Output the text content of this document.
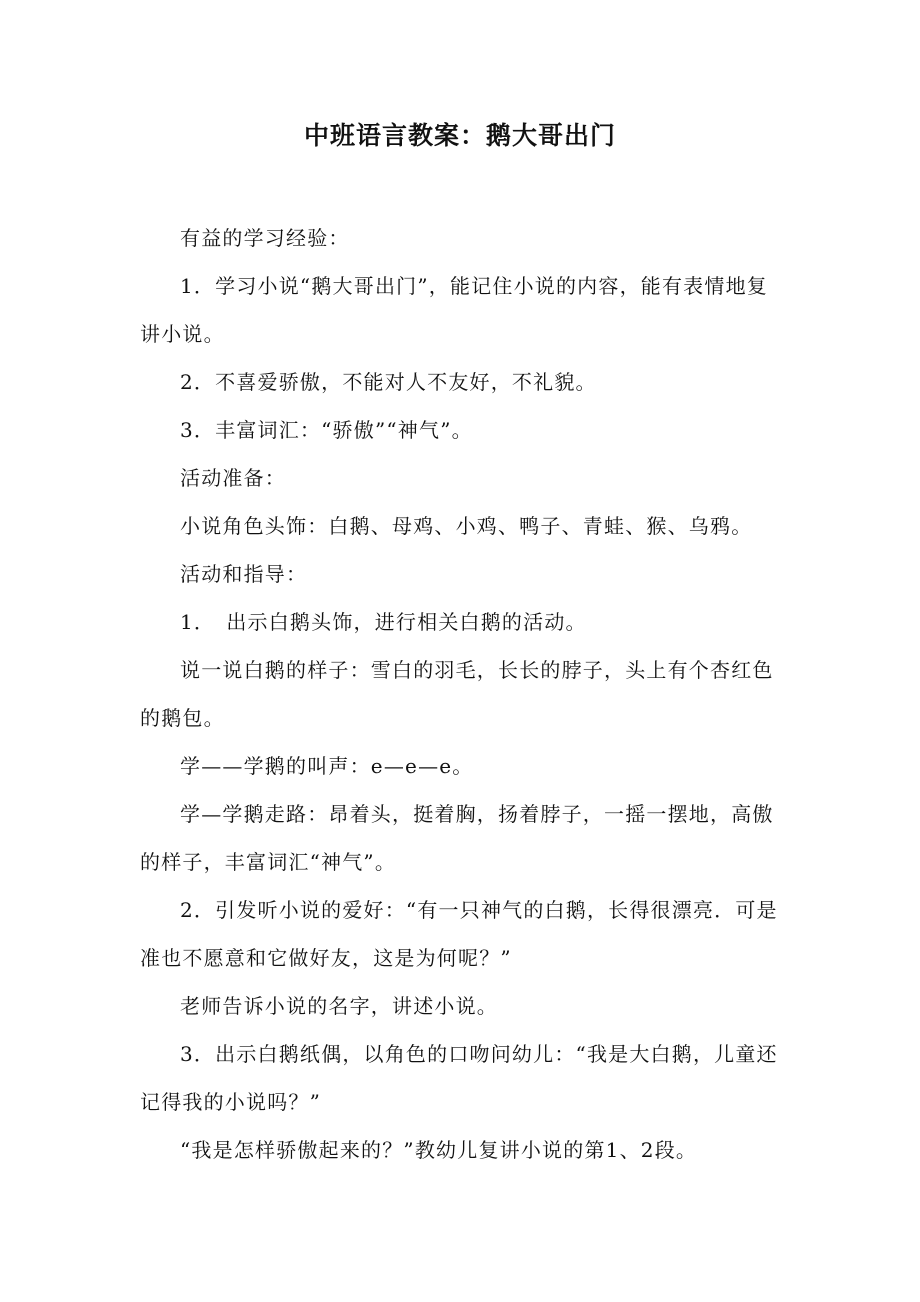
中班语言教案：鹅大哥出门

有益的学习经验：

1．学习小说“鹅大哥出门”，能记住小说的内容，能有表情地复讲小说。

2．不喜爱骄傲，不能对人不友好，不礼貌。

3．丰富词汇：“骄傲”“神气”。

活动准备：

小说角色头饰：白鹅、母鸡、小鸡、鸭子、青蛙、猴、乌鸦。

活动和指导：

1．　出示白鹅头饰，进行相关白鹅的活动。

说一说白鹅的样子：雪白的羽毛，长长的脖子，头上有个杏红色的鹅包。

学——学鹅的叫声：e—e—e。

学—学鹅走路：昂着头，挺着胸，扬着脖子，一摇一摆地，高傲的样子，丰富词汇“神气”。

2．引发听小说的爱好：“有一只神气的白鹅，长得很漂亮．可是准也不愿意和它做好友，这是为何呢？”

老师告诉小说的名字，讲述小说。

3．出示白鹅纸偶，以角色的口吻问幼儿：“我是大白鹅，儿童还记得我的小说吗？”

“我是怎样骄傲起来的？”教幼儿复讲小说的第1、2段。
